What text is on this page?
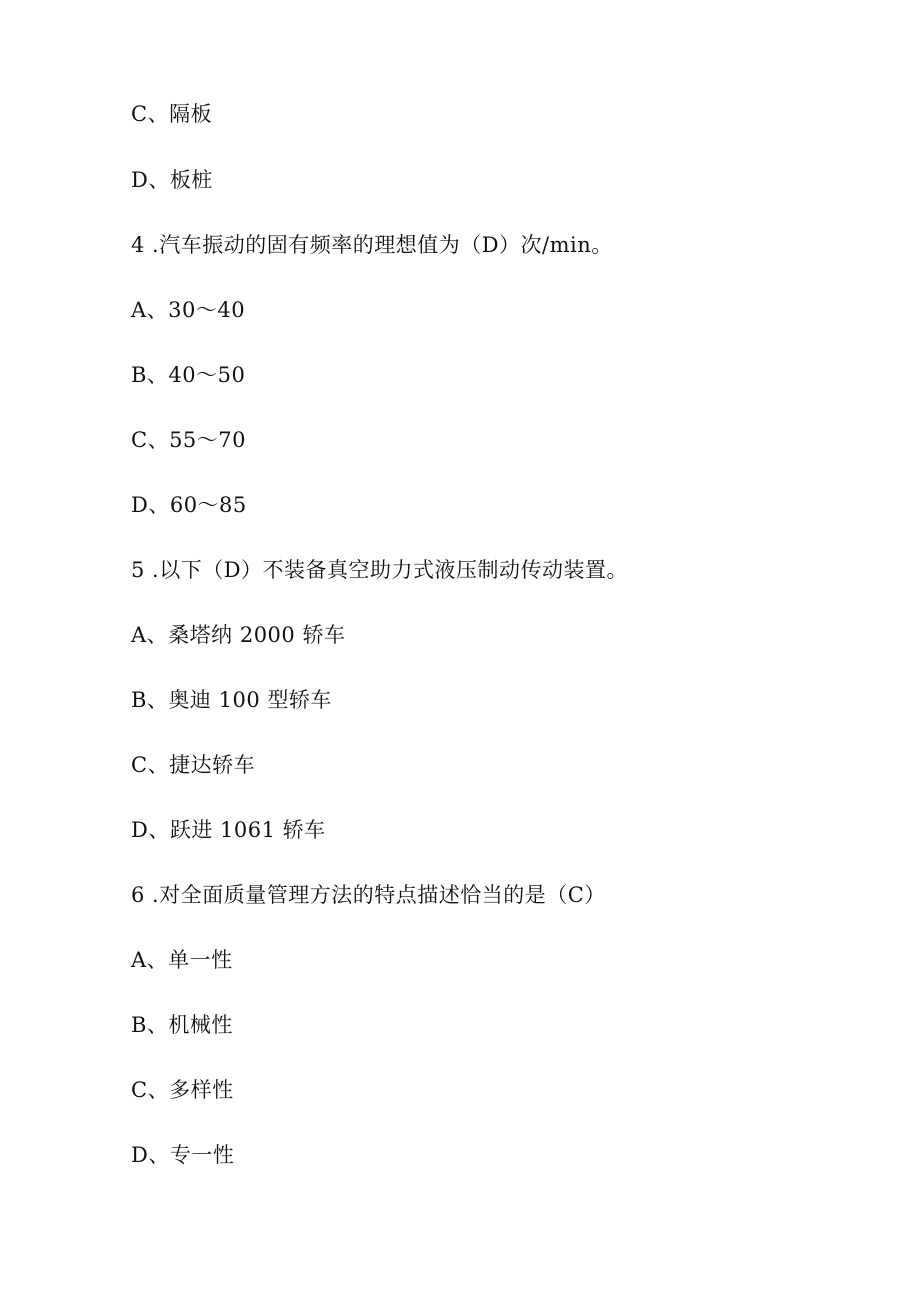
C、隔板
D、板桩
4 .汽车振动的固有频率的理想值为（D）次/min。
A、30～40
B、40～50
C、55～70
D、60～85
5 .以下（D）不装备真空助力式液压制动传动装置。
A、桑塔纳 2000 轿车
B、奥迪 100 型轿车
C、捷达轿车
D、跃进 1061 轿车
6 .对全面质量管理方法的特点描述恰当的是（C）
A、单一性
B、机械性
C、多样性
D、专一性
